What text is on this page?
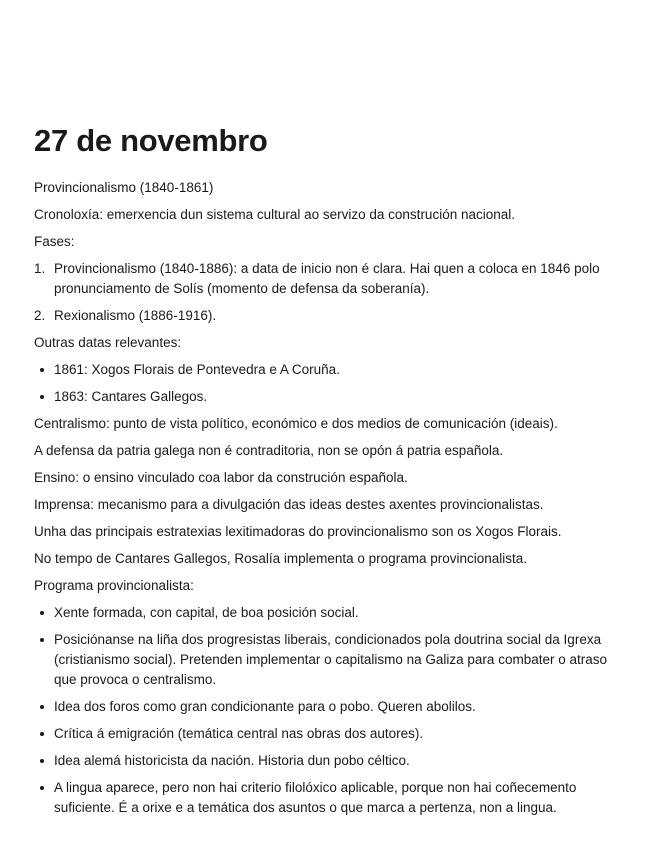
27 de novembro

Provincionalismo (1840-1861)

Cronoloxía: emerxencia dun sistema cultural ao servizo da construción nacional.

Fases:

1. Provincionalismo (1840-1886): a data de inicio non é clara. Hai quen a coloca en 1846 polo pronunciamento de Solís (momento de defensa da soberanía).
2. Rexionalismo (1886-1916).

Outras datas relevantes:

1861: Xogos Florais de Pontevedra e A Coruña.
1863: Cantares Gallegos.

Centralismo: punto de vista político, económico e dos medios de comunicación (ideais).

A defensa da patria galega non é contraditoria, non se opón á patria española.

Ensino: o ensino vinculado coa labor da construción española.

Imprensa: mecanismo para a divulgación das ideas destes axentes provincionalistas.

Unha das principais estratexias lexitimadoras do provincionalismo son os Xogos Florais.

No tempo de Cantares Gallegos, Rosalía implementa o programa provincionalista.

Programa provincionalista:

Xente formada, con capital, de boa posición social.
Posiciónanse na liña dos progresistas liberais, condicionados pola doutrina social da Igrexa (cristianismo social). Pretenden implementar o capitalismo na Galiza para combater o atraso que provoca o centralismo.
Idea dos foros como gran condicionante para o pobo. Queren abolilos.
Crítica á emigración (temática central nas obras dos autores).
Idea alemá historicista da nación. Historia dun pobo céltico.
A lingua aparece, pero non hai criterio filolóxico aplicable, porque non hai coñecemento suficiente. É a orixe e a temática dos asuntos o que marca a pertenza, non a lingua.
